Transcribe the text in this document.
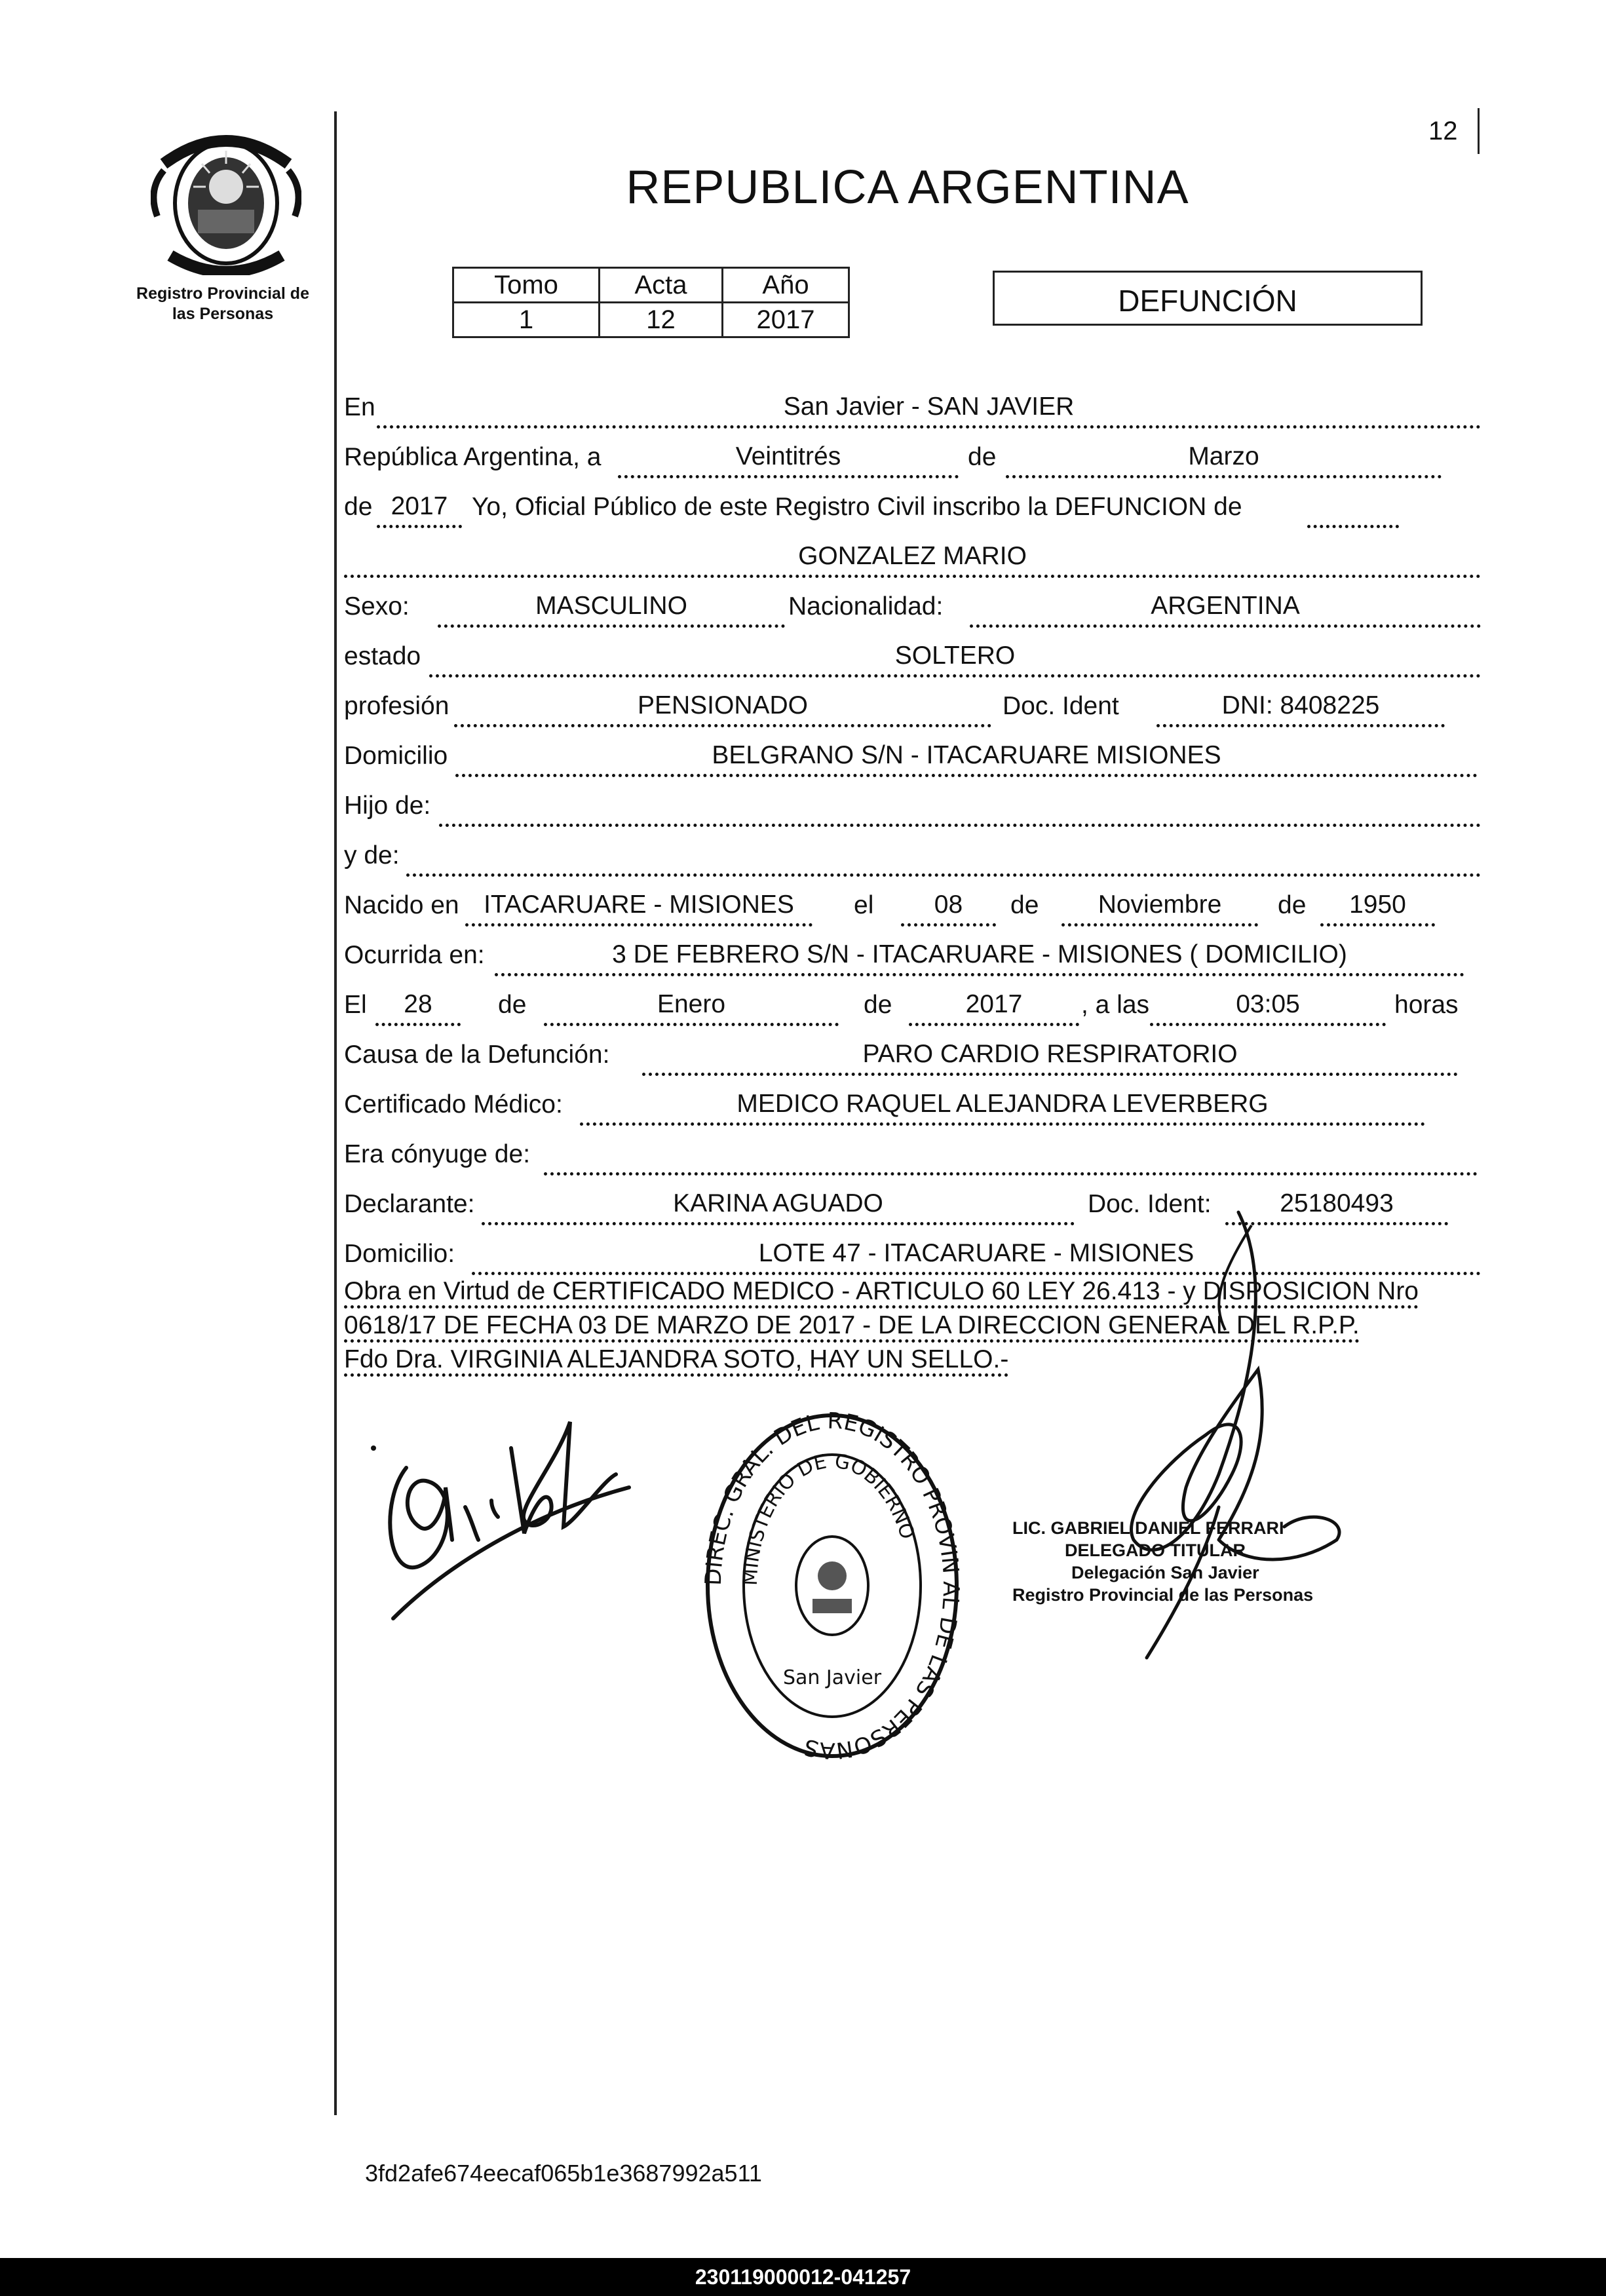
12
Registro Provincial de
las Personas
REPUBLICA ARGENTINA
Tomo	Acta	Año
1	12	2017
DEFUNCIÓN
En	San Javier - SAN JAVIER
República Argentina, a	Veintitrés	de	Marzo
de 2017 Yo, Oficial Público de este Registro Civil inscribo la DEFUNCION de
GONZALEZ MARIO
Sexo:	MASCULINO	Nacionalidad:	ARGENTINA
estado	SOLTERO
profesión	PENSIONADO	Doc. Ident	DNI: 8408225
Domicilio	BELGRANO S/N - ITACARUARE MISIONES
Hijo de:
y de:
Nacido en ITACARUARE - MISIONES	el	08	de	Noviembre	de	1950
Ocurrida en:	3 DE FEBRERO S/N - ITACARUARE - MISIONES ( DOMICILIO)
El	28	de	Enero	de	2017	, a las	03:05	horas
Causa de la Defunción:	PARO CARDIO RESPIRATORIO
Certificado Médico:	MEDICO RAQUEL ALEJANDRA LEVERBERG
Era cónyuge de:
Declarante:	KARINA AGUADO	Doc. Ident:	25180493
Domicilio:	LOTE 47 - ITACARUARE - MISIONES
Obra en Virtud de CERTIFICADO MEDICO - ARTICULO 60 LEY 26.413 - y DISPOSICION Nro
0618/17 DE FECHA 03 DE MARZO DE 2017 - DE LA DIRECCION GENERAL DEL R.P.P.
Fdo Dra. VIRGINIA ALEJANDRA SOTO, HAY UN SELLO.-
DIREC. GRAL. DEL REGISTRO PROVIN AL DE LAS PERSONAS
MINISTERIO DE GOBIERNO
San Javier
LIC. GABRIEL DANIEL FERRARI
DELEGADO TITULAR
Delegación San Javier
Registro Provincial de las Personas
3fd2afe674eecaf065b1e3687992a511
230119000012-041257
